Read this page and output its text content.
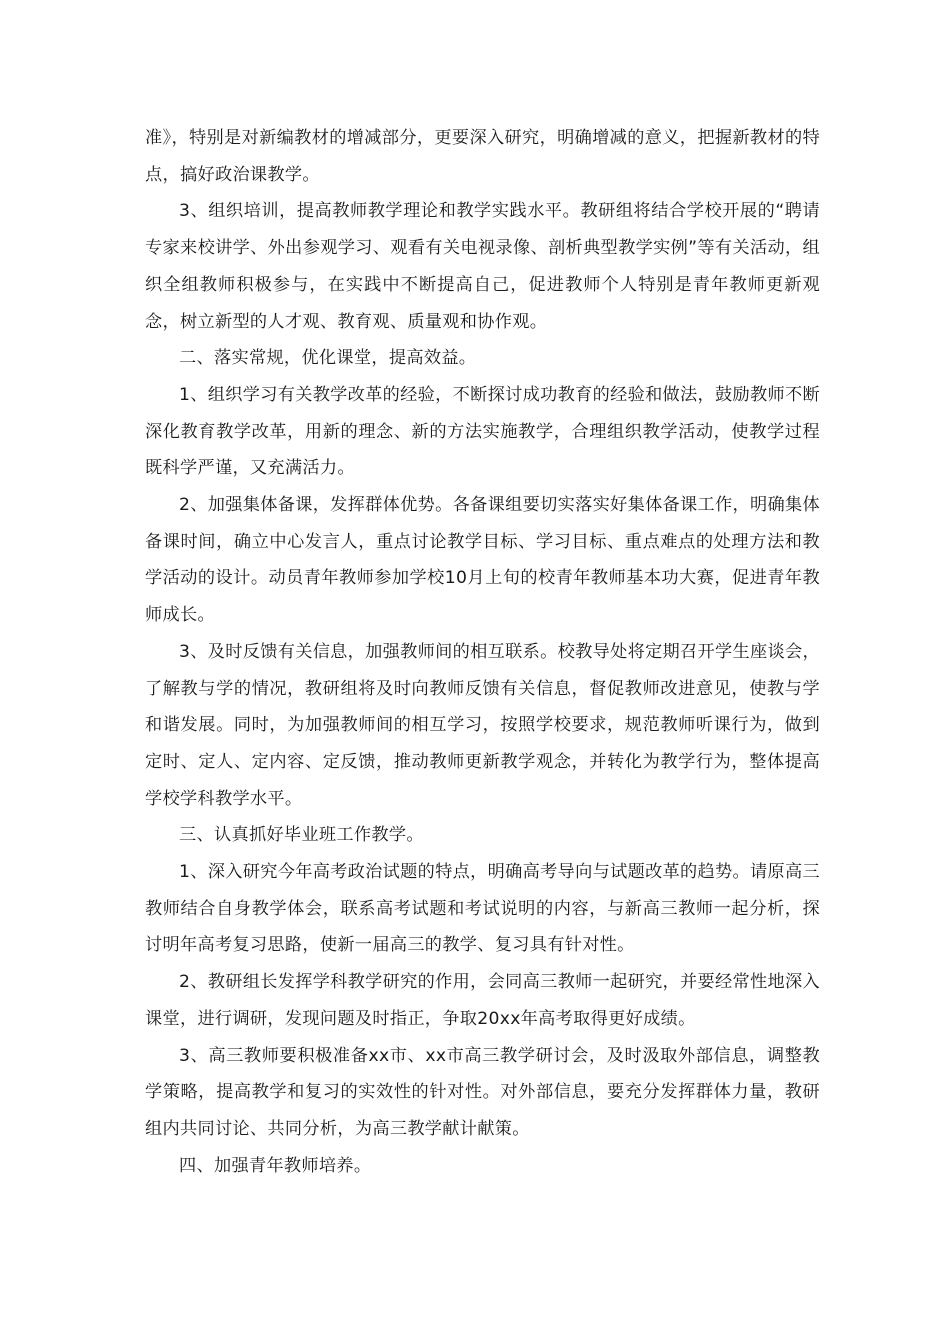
准》，特别是对新编教材的增减部分，更要深入研究，明确增减的意义，把握新教材的特点，搞好政治课教学。

3、组织培训，提高教师教学理论和教学实践水平。教研组将结合学校开展的“聘请专家来校讲学、外出参观学习、观看有关电视录像、剖析典型教学实例”等有关活动，组织全组教师积极参与，在实践中不断提高自己，促进教师个人特别是青年教师更新观念，树立新型的人才观、教育观、质量观和协作观。

二、落实常规，优化课堂，提高效益。

1、组织学习有关教学改革的经验，不断探讨成功教育的经验和做法，鼓励教师不断深化教育教学改革，用新的理念、新的方法实施教学，合理组织教学活动，使教学过程既科学严谨，又充满活力。

2、加强集体备课，发挥群体优势。各备课组要切实落实好集体备课工作，明确集体备课时间，确立中心发言人，重点讨论教学目标、学习目标、重点难点的处理方法和教学活动的设计。动员青年教师参加学校10月上旬的校青年教师基本功大赛，促进青年教师成长。

3、及时反馈有关信息，加强教师间的相互联系。校教导处将定期召开学生座谈会，了解教与学的情况，教研组将及时向教师反馈有关信息，督促教师改进意见，使教与学和谐发展。同时，为加强教师间的相互学习，按照学校要求，规范教师听课行为，做到定时、定人、定内容、定反馈，推动教师更新教学观念，并转化为教学行为，整体提高学校学科教学水平。

三、认真抓好毕业班工作教学。

1、深入研究今年高考政治试题的特点，明确高考导向与试题改革的趋势。请原高三教师结合自身教学体会，联系高考试题和考试说明的内容，与新高三教师一起分析，探讨明年高考复习思路，使新一届高三的教学、复习具有针对性。

2、教研组长发挥学科教学研究的作用，会同高三教师一起研究，并要经常性地深入课堂，进行调研，发现问题及时指正，争取20xx年高考取得更好成绩。

3、高三教师要积极准备xx市、xx市高三教学研讨会，及时汲取外部信息，调整教学策略，提高教学和复习的实效性的针对性。对外部信息，要充分发挥群体力量，教研组内共同讨论、共同分析，为高三教学献计献策。

四、加强青年教师培养。
